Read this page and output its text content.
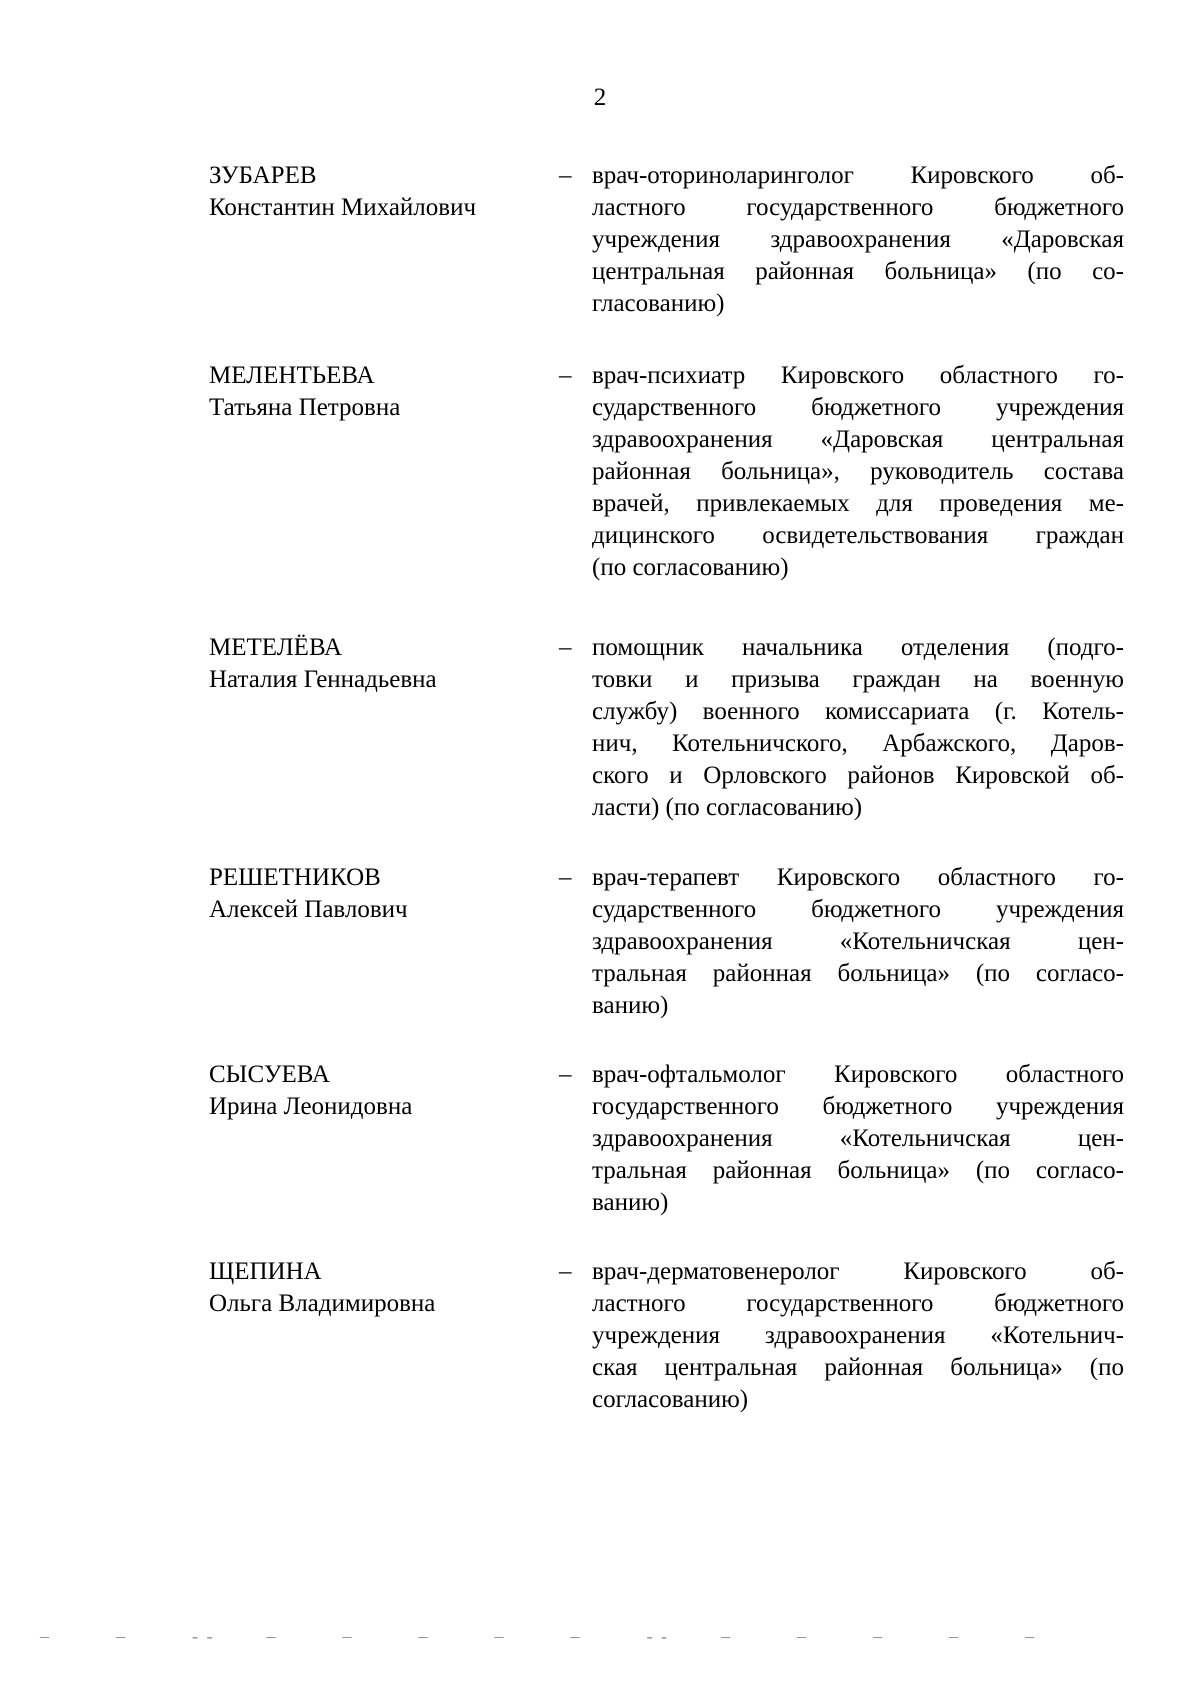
2
ЗУБАРЕВ
Константин Михайлович
– врач-оториноларинголог Кировского об-
ластного государственного бюджетного
учреждения здравоохранения «Даровская
центральная районная больница» (по со-
гласованию)
МЕЛЕНТЬЕВА
Татьяна Петровна
– врач-психиатр Кировского областного го-
сударственного бюджетного учреждения
здравоохранения «Даровская центральная
районная больница», руководитель состава
врачей, привлекаемых для проведения ме-
дицинского освидетельствования граждан
(по согласованию)
МЕТЕЛЁВА
Наталия Геннадьевна
– помощник начальника отделения (подго-
товки и призыва граждан на военную
службу) военного комиссариата (г. Котель-
нич, Котельничского, Арбажского, Даров-
ского и Орловского районов Кировской об-
ласти) (по согласованию)
РЕШЕТНИКОВ
Алексей Павлович
– врач-терапевт Кировского областного го-
сударственного бюджетного учреждения
здравоохранения «Котельничская цен-
тральная районная больница» (по согласо-
ванию)
СЫСУЕВА
Ирина Леонидовна
– врач-офтальмолог Кировского областного
государственного бюджетного учреждения
здравоохранения «Котельничская цен-
тральная районная больница» (по согласо-
ванию)
ЩЕПИНА
Ольга Владимировна
– врач-дерматовенеролог Кировского об-
ластного государственного бюджетного
учреждения здравоохранения «Котельнич-
ская центральная районная больница» (по
согласованию)
–          –          - -        –          –          –          –          –          - -        –          –          –          –          –
